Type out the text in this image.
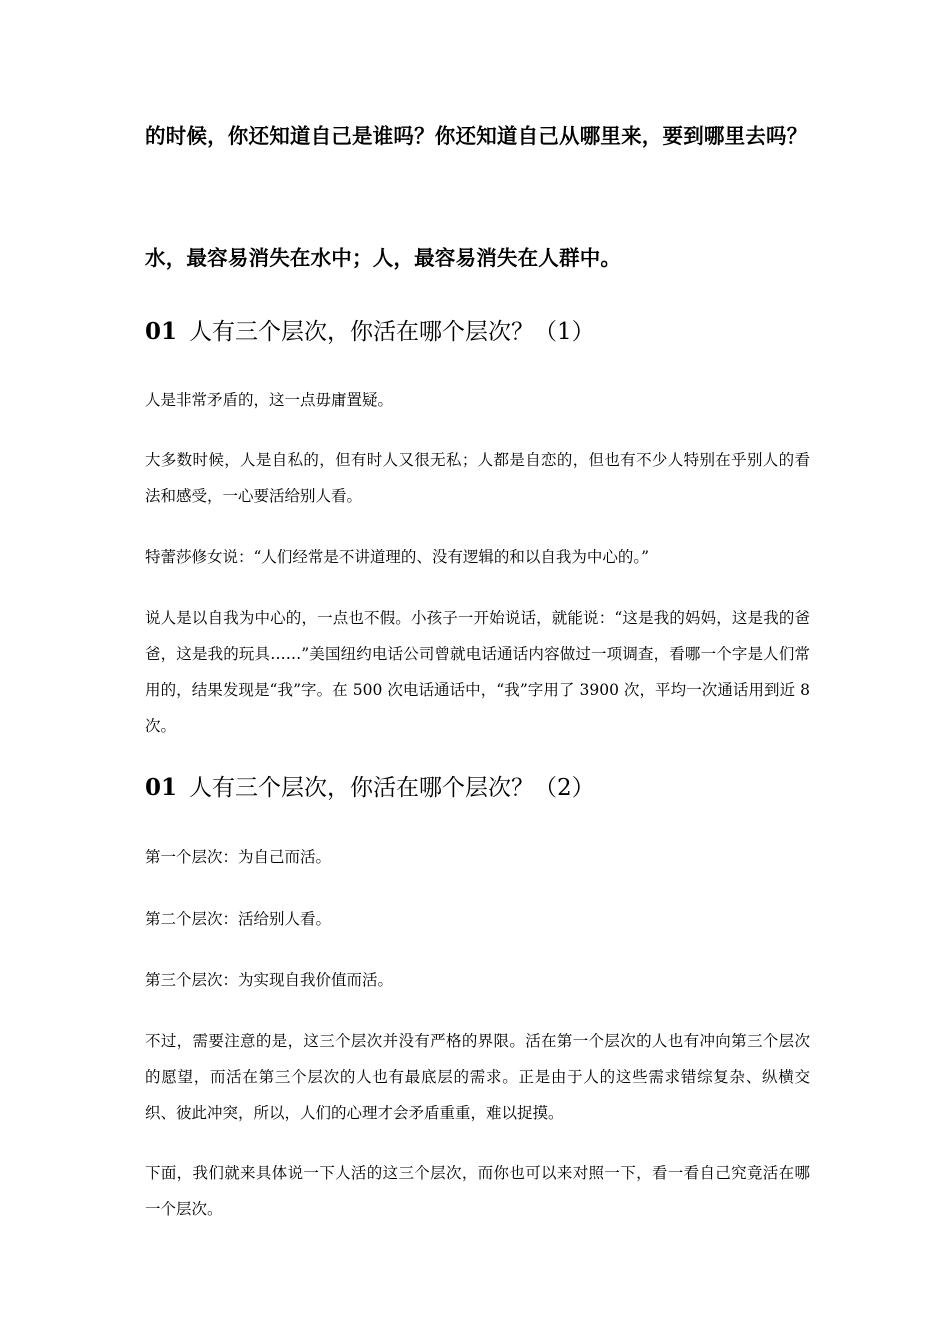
的时候，你还知道自己是谁吗？你还知道自己从哪里来，要到哪里去吗？

水，最容易消失在水中；人，最容易消失在人群中。

01 人有三个层次，你活在哪个层次？（1）

人是非常矛盾的，这一点毋庸置疑。

大多数时候，人是自私的，但有时人又很无私；人都是自恋的，但也有不少人特别在乎别人的看法和感受，一心要活给别人看。

特蕾莎修女说：“人们经常是不讲道理的、没有逻辑的和以自我为中心的。”

说人是以自我为中心的，一点也不假。小孩子一开始说话，就能说：“这是我的妈妈，这是我的爸爸，这是我的玩具……”美国纽约电话公司曾就电话通话内容做过一项调查，看哪一个字是人们常用的，结果发现是“我”字。在 500 次电话通话中，“我”字用了 3900 次，平均一次通话用到近 8 次。

01 人有三个层次，你活在哪个层次？（2）

第一个层次：为自己而活。

第二个层次：活给别人看。

第三个层次：为实现自我价值而活。

不过，需要注意的是，这三个层次并没有严格的界限。活在第一个层次的人也有冲向第三个层次的愿望，而活在第三个层次的人也有最底层的需求。正是由于人的这些需求错综复杂、纵横交织、彼此冲突，所以，人们的心理才会矛盾重重，难以捉摸。

下面，我们就来具体说一下人活的这三个层次，而你也可以来对照一下，看一看自己究竟活在哪一个层次。
